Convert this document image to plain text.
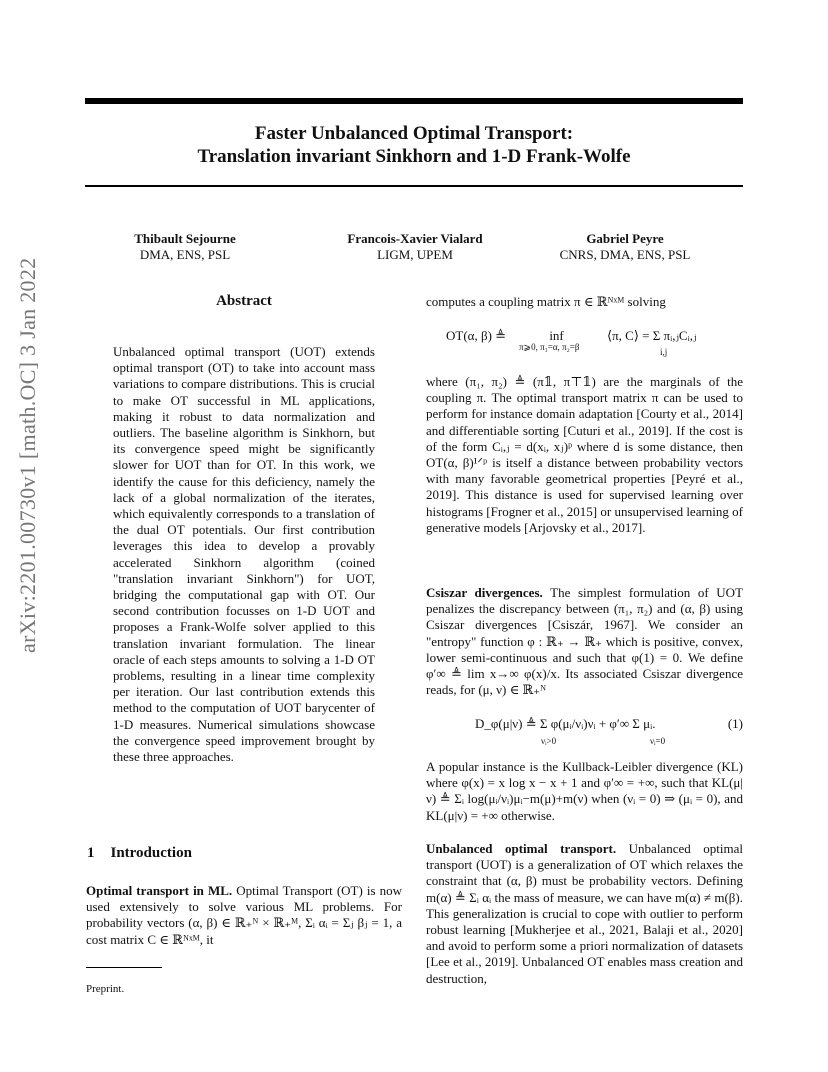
Faster Unbalanced Optimal Transport:
Translation invariant Sinkhorn and 1-D Frank-Wolfe
Thibault Sejourne
DMA, ENS, PSL
Francois-Xavier Vialard
LIGM, UPEM
Gabriel Peyre
CNRS, DMA, ENS, PSL
arXiv:2201.00730v1 [math.OC] 3 Jan 2022	Abstract
Unbalanced optimal transport (UOT) extends optimal transport (OT) to take into account mass variations to compare distributions. This is crucial to make OT successful in ML applications, making it robust to data normalization and outliers. The baseline algorithm is Sinkhorn, but its convergence speed might be significantly slower for UOT than for OT. In this work, we identify the cause for this deficiency, namely the lack of a global normalization of the iterates, which equivalently corresponds to a translation of the dual OT potentials. Our first contribution leverages this idea to develop a provably accelerated Sinkhorn algorithm (coined "translation invariant Sinkhorn") for UOT, bridging the computational gap with OT. Our second contribution focusses on 1-D UOT and proposes a Frank-Wolfe solver applied to this translation invariant formulation. The linear oracle of each steps amounts to solving a 1-D OT problems, resulting in a linear time complexity per iteration. Our last contribution extends this method to the computation of UOT barycenter of 1-D measures. Numerical simulations showcase the convergence speed improvement brought by these three approaches.
1 Introduction
Optimal transport in ML. Optimal Transport (OT) is now used extensively to solve various ML problems. For probability vectors (α, β) ∈ ℝ₊ᴺ × ℝ₊ᴹ, Σᵢ αᵢ = Σⱼ βⱼ = 1, a cost matrix C ∈ ℝᴺˣᴹ, it
Preprint.
computes a coupling matrix π ∈ ℝᴺˣᴹ solving
OT(α, β) ≜	inf	⟨π, C⟩ = Σ πᵢ,ⱼCᵢ,ⱼ
π⩾0, π₁=α, π₂=β	i,j
where (π₁, π₂) ≜ (π𝟙, π⊤𝟙) are the marginals of the coupling π. The optimal transport matrix π can be used to perform for instance domain adaptation [Courty et al., 2014] and differentiable sorting [Cuturi et al., 2019]. If the cost is of the form Cᵢ,ⱼ = d(xᵢ, xⱼ)ᵖ where d is some distance, then OT(α, β)¹ᐟᵖ is itself a distance between probability vectors with many favorable geometrical properties [Peyré et al., 2019]. This distance is used for supervised learning over histograms [Frogner et al., 2015] or unsupervised learning of generative models [Arjovsky et al., 2017].
Csiszar divergences. The simplest formulation of UOT penalizes the discrepancy between (π₁, π₂) and (α, β) using Csiszar divergences [Csiszár, 1967]. We consider an "entropy" function φ : ℝ₊ → ℝ₊ which is positive, convex, lower semi-continuous and such that φ(1) = 0. We define φ′∞ ≜ lim x→∞ φ(x)/x. Its associated Csiszar divergence reads, for (μ, ν) ∈ ℝ₊ᴺ
D_φ(μ|ν) ≜ Σ φ(μᵢ/νᵢ)νᵢ + φ′∞ Σ μᵢ.
νᵢ>0	νᵢ=0
(1)
A popular instance is the Kullback-Leibler divergence (KL) where φ(x) = x log x − x + 1 and φ′∞ = +∞, such that KL(μ|ν) ≜ Σᵢ log(μᵢ/νᵢ)μᵢ−m(μ)+m(ν) when (νᵢ = 0) ⇒ (μᵢ = 0), and KL(μ|ν) = +∞ otherwise.
Unbalanced optimal transport. Unbalanced optimal transport (UOT) is a generalization of OT which relaxes the constraint that (α, β) must be probability vectors. Defining m(α) ≜ Σᵢ αᵢ the mass of measure, we can have m(α) ≠ m(β). This generalization is crucial to cope with outlier to perform robust learning [Mukherjee et al., 2021, Balaji et al., 2020] and avoid to perform some a priori normalization of datasets [Lee et al., 2019]. Unbalanced OT enables mass creation and destruction,
